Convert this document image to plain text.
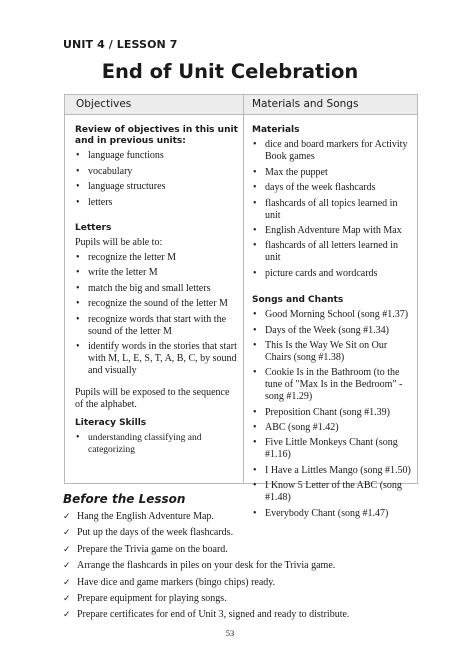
UNIT 4 / LESSON 7
End of Unit Celebration
Objectives	Materials and Songs
Review of objectives in this unit
and in previous units:
• language functions
• vocabulary
• language structures
• letters
Letters
Pupils will be able to:
• recognize the letter M
• write the letter M
• match the big and small letters
• recognize the sound of the letter M
• recognize words that start with the sound of the letter M
• identify words in the stories that start with M, L, E, S, T, A, B, C, by sound and visually
Pupils will be exposed to the sequence of the alphabet.
Literacy Skills
• understanding classifying and categorizing
Materials
• dice and board markers for Activity Book games
• Max the puppet
• days of the week flashcards
• flashcards of all topics learned in unit
• English Adventure Map with Max
• flashcards of all letters learned in unit
• picture cards and wordcards
Songs and Chants
• Good Morning School (song #1.37)
• Days of the Week (song #1.34)
• This Is the Way We Sit on Our Chairs (song #1.38)
• Cookie Is in the Bathroom (to the tune of "Max Is in the Bedroom" - song #1.29)
• Preposition Chant (song #1.39)
• ABC (song #1.42)
• Five Little Monkeys Chant (song #1.16)
• I Have a Littles Mango (song #1.50)
• I Know 5 Letter of the ABC (song #1.48)
• Everybody Chant (song #1.47)
Before the Lesson
✓ Hang the English Adventure Map.
✓ Put up the days of the week flashcards.
✓ Prepare the Trivia game on the board.
✓ Arrange the flashcards in piles on your desk for the Trivia game.
✓ Have dice and game markers (bingo chips) ready.
✓ Prepare equipment for playing songs.
✓ Prepare certificates for end of Unit 3, signed and ready to distribute.
53
